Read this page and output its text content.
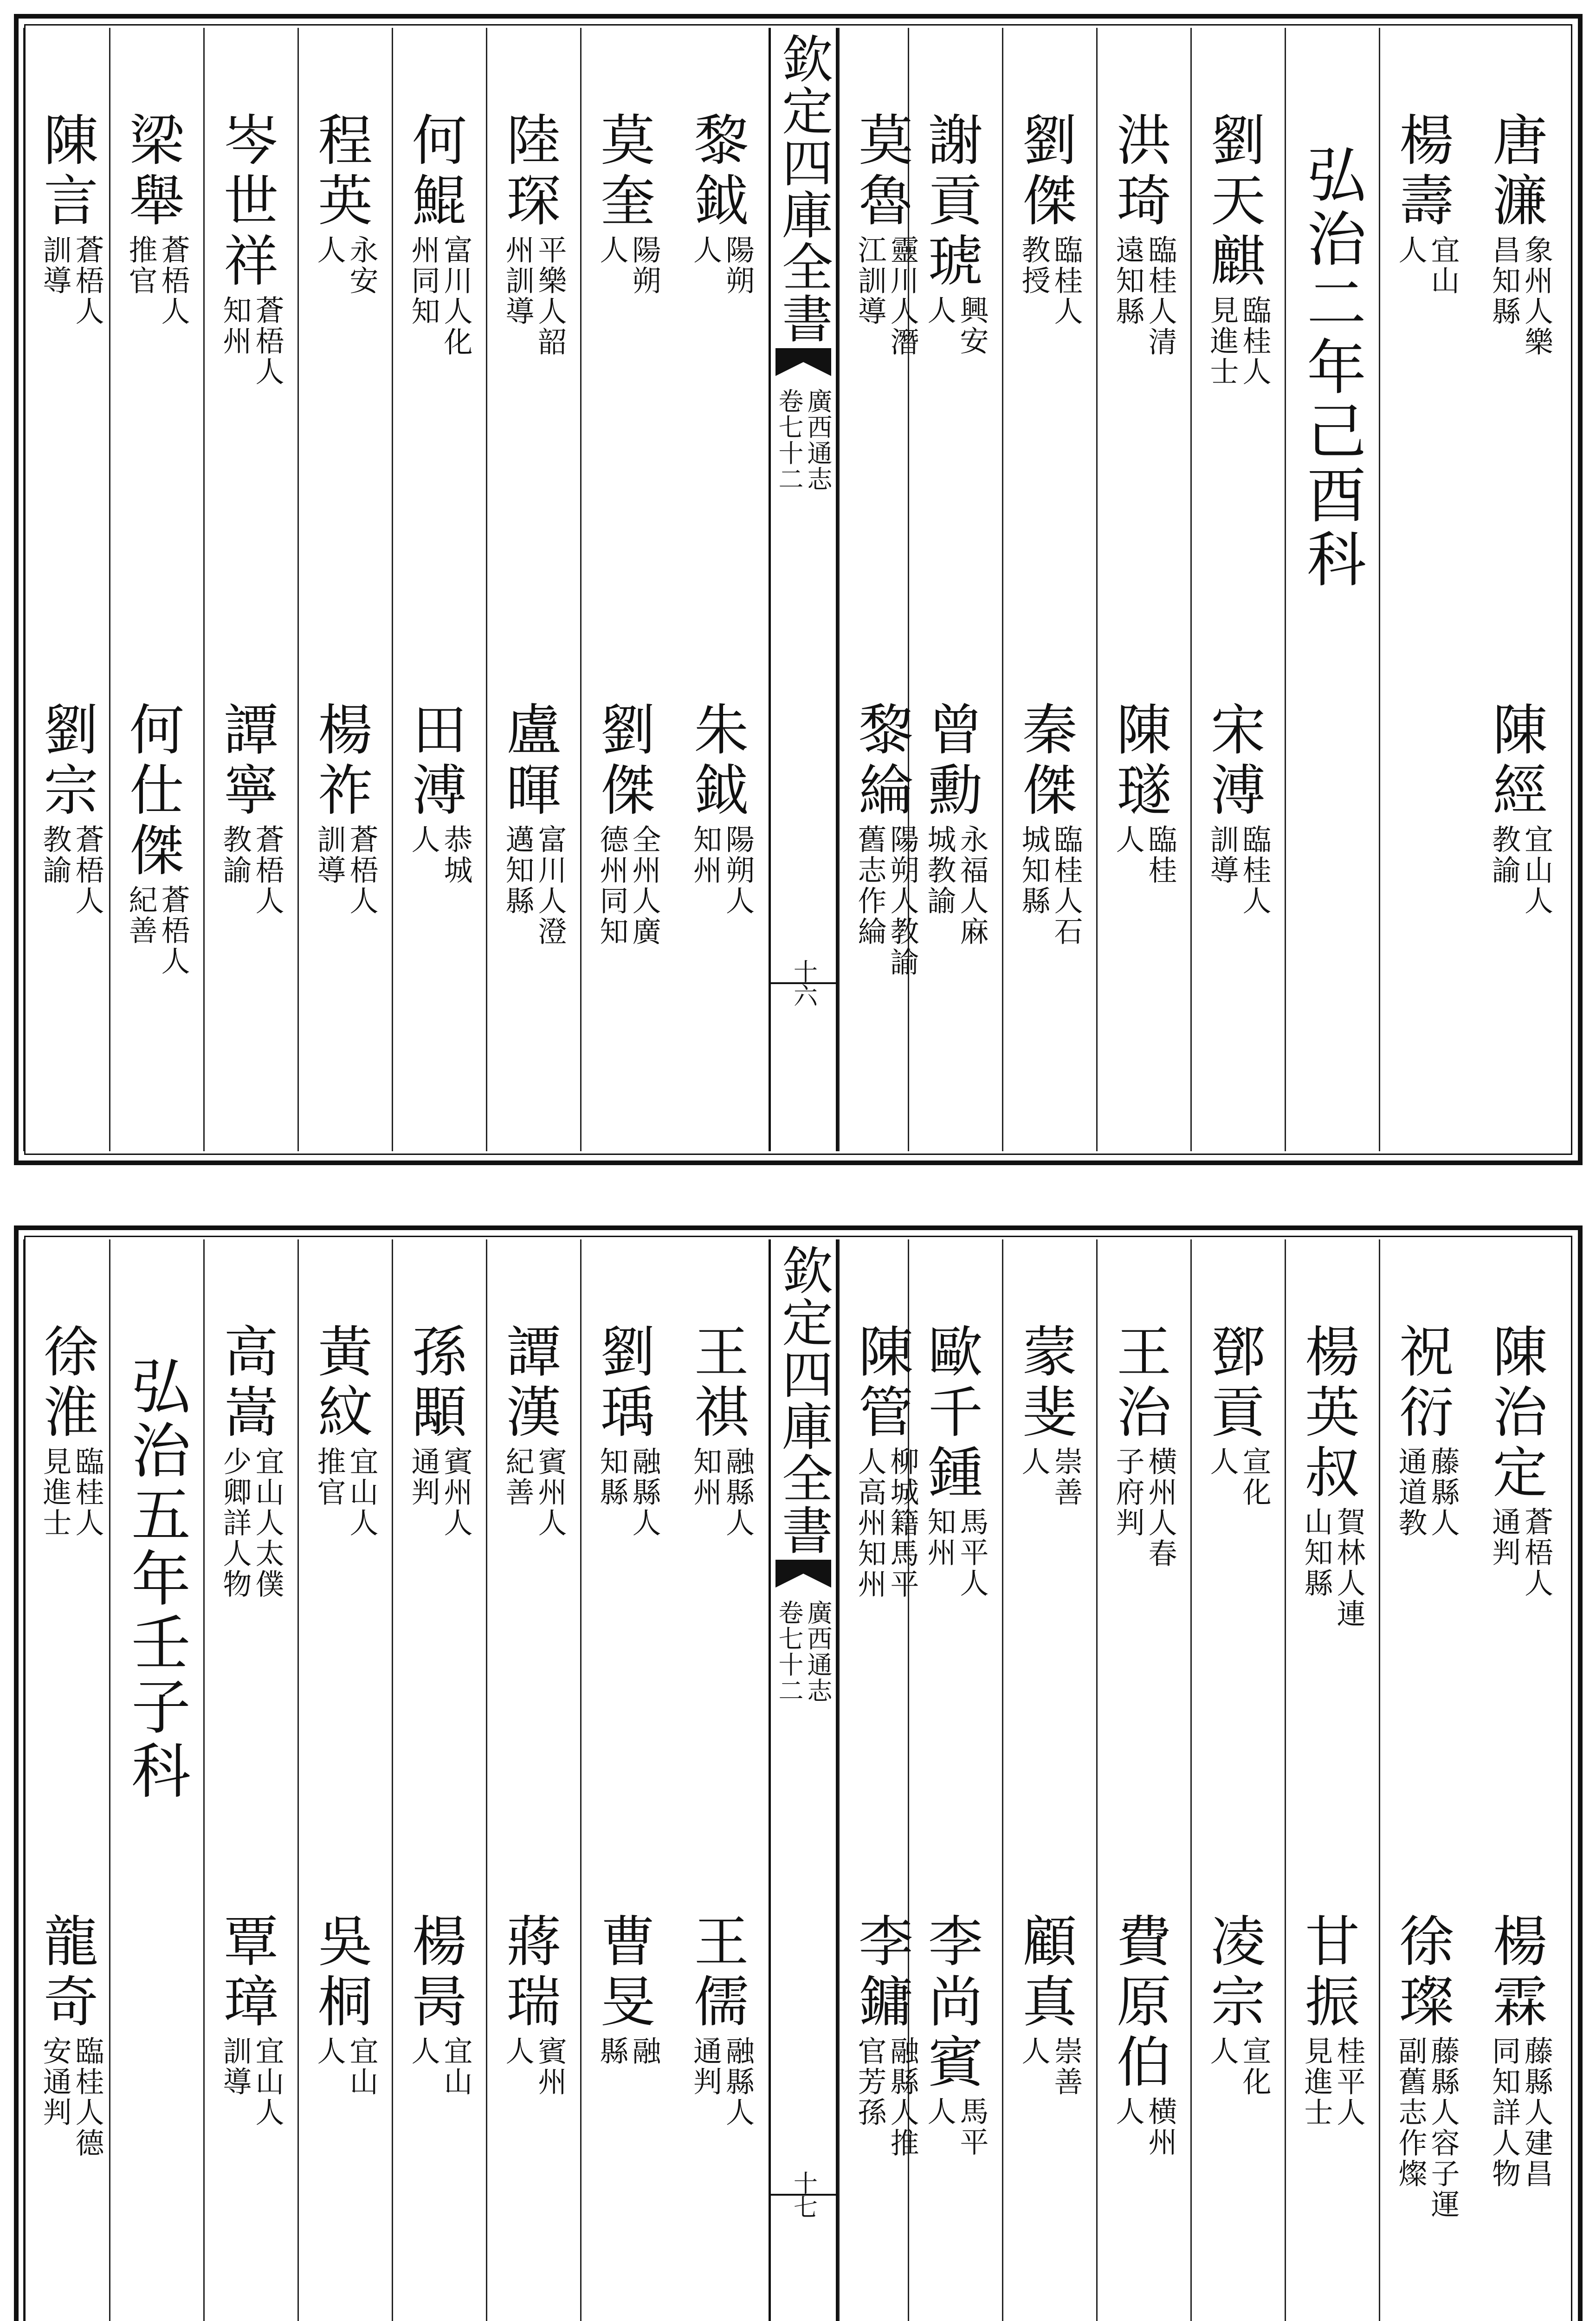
唐
濂
象州人樂
昌知縣
陳經
宜山人
教諭
楊壽
宜山
人
弘治二年己酉科
劉天麒
臨桂人
見進士
宋溥
臨桂人
訓導
洪琦
臨桂人清
遠知縣
陳璲
臨桂
人
劉傑
臨桂人
教授
秦傑
臨桂人石
城知縣
謝貢琥
興安
人
曾勳
永福人麻
城教諭
莫魯
靈川人潛
江訓導
黎綸
陽朔人教諭
舊志作綸
欽定四庫全書
廣西通志
卷七十二
十六
黎鉞
陽朔
人
朱鉞
陽朔人
知州
莫奎
陽朔
人
劉傑
全州人廣
德州同知
陸琛
平樂人韶
州訓導
盧暉
富川人澄
邁知縣
何鯤
富川人化
州同知
田溥
恭城
人
程英
永安
人
楊祚
蒼梧人
訓導
岑世祥
蒼梧人
知州
譚寧
蒼梧人
教諭
梁舉
蒼梧人
推官
何仕傑
蒼梧人
紀善
陳言
蒼梧人
訓導
劉宗
蒼梧人
教諭
陳治定
蒼梧人
通判
楊霖
藤縣人建昌
同知詳人物
祝衍
藤縣人
通道教
徐璨
藤縣人容子運
副舊志作燦
楊英叔
賀林人連
山知縣
甘振
桂平人
見進士
鄧貢
宣化
人
凌宗
宣化
人
王治
横州人春
子府判
費原伯
横州
人
蒙斐
崇善
人
顧真
崇善
人
歐千鍾
馬平人
知州
李尚賓
馬平
人
陳管
柳城籍馬平
人高州知州
李鏞
融縣人推
官芳孫
欽定四庫全書
廣西通志
卷七十二
十七
王祺
融縣人
知州
王儒
融縣人
通判
劉瑀
融縣人
知縣
曹旻
融
縣
譚漢
賓州人
紀善
蔣瑞
賓州
人
孫顒
賓州人
通判
楊昺
宜山
人
黃紋
宜山人
推官
吳桐
宜山
人
高嵩
宜山人太僕
少卿詳人物
覃璋
宜山人
訓導
弘治五年壬子科
徐淮
臨桂人
見進士
龍奇
臨桂人德
安通判
